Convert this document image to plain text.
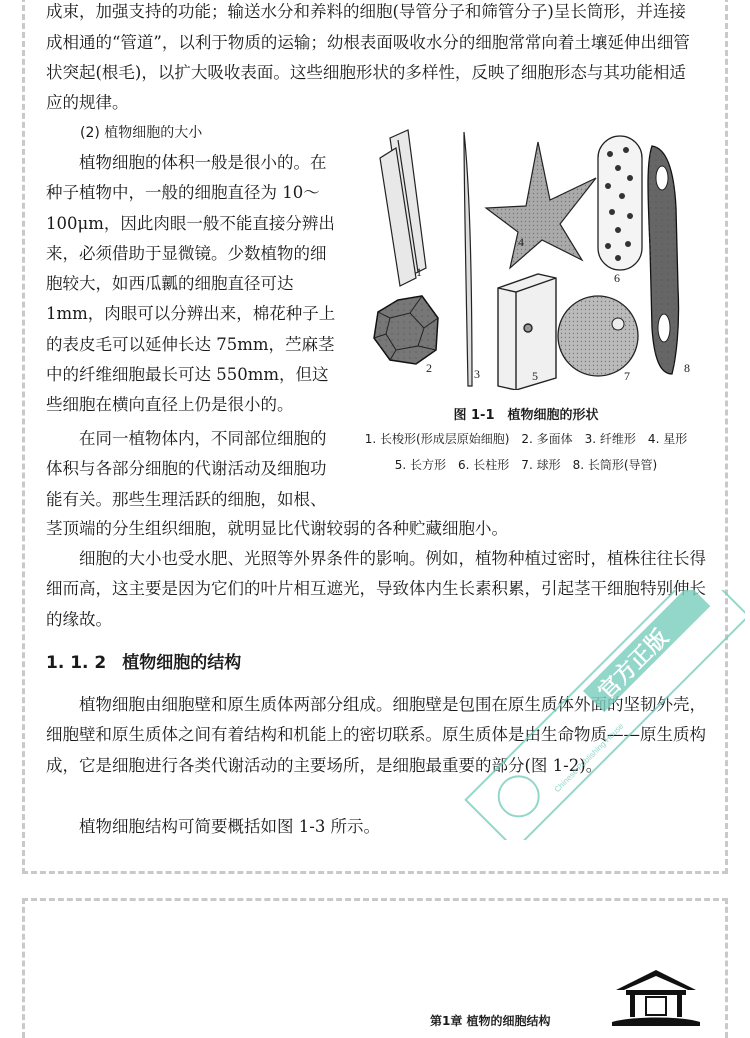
成束，加强支持的功能；输送水分和养料的细胞(导管分子和筛管分子)呈长筒形，并连接
成相通的“管道”，以利于物质的运输；幼根表面吸收水分的细胞常常向着土壤延伸出细管
状突起(根毛)，以扩大吸收表面。这些细胞形状的多样性，反映了细胞形态与其功能相适
应的规律。
(2) 植物细胞的大小

植物细胞的体积一般是很小的。在种子植物中，一般的细胞直径为 10～100μm，因此肉眼一般不能直接分辨出来，必须借助于显微镜。少数植物的细胞较大，如西瓜瓤的细胞直径可达 1mm，肉眼可以分辨出来，棉花种子上的表皮毛可以延伸长达 75mm，苎麻茎中的纤维细胞最长可达 550mm，但这些细胞在横向直径上仍是很小的。

在同一植物体内，不同部位细胞的体积与各部分细胞的代谢活动及细胞功能有关。那些生理活跃的细胞，如根、

茎顶端的分生组织细胞，就明显比代谢较弱的各种贮藏细胞小。

细胞的大小也受水肥、光照等外界条件的影响。例如，植物种植过密时，植株往往长得细而高，这主要是因为它们的叶片相互遮光，导致体内生长素积累，引起茎干细胞特别伸长的缘故。

1. 1. 2 植物细胞的结构

植物细胞由细胞壁和原生质体两部分组成。细胞壁是包围在原生质体外面的坚韧外壳，细胞壁和原生质体之间有着结构和机能上的密切联系。原生质体是由生命物质——原生质构成，它是细胞进行各类代谢活动的主要场所，是细胞最重要的部分(图 1-2)。

植物细胞结构可简要概括如图 1-3 所示。

1
2	3
4
5
6
7
8
图 1-1　植物细胞的形状
1. 长梭形(形成层原始细胞)　2. 多面体　3. 纤维形　4. 星形
5. 长方形　6. 长柱形　7. 球形　8. 长筒形(导管)
官方正版
Chinese Publishing House
第1章 植物的细胞结构
